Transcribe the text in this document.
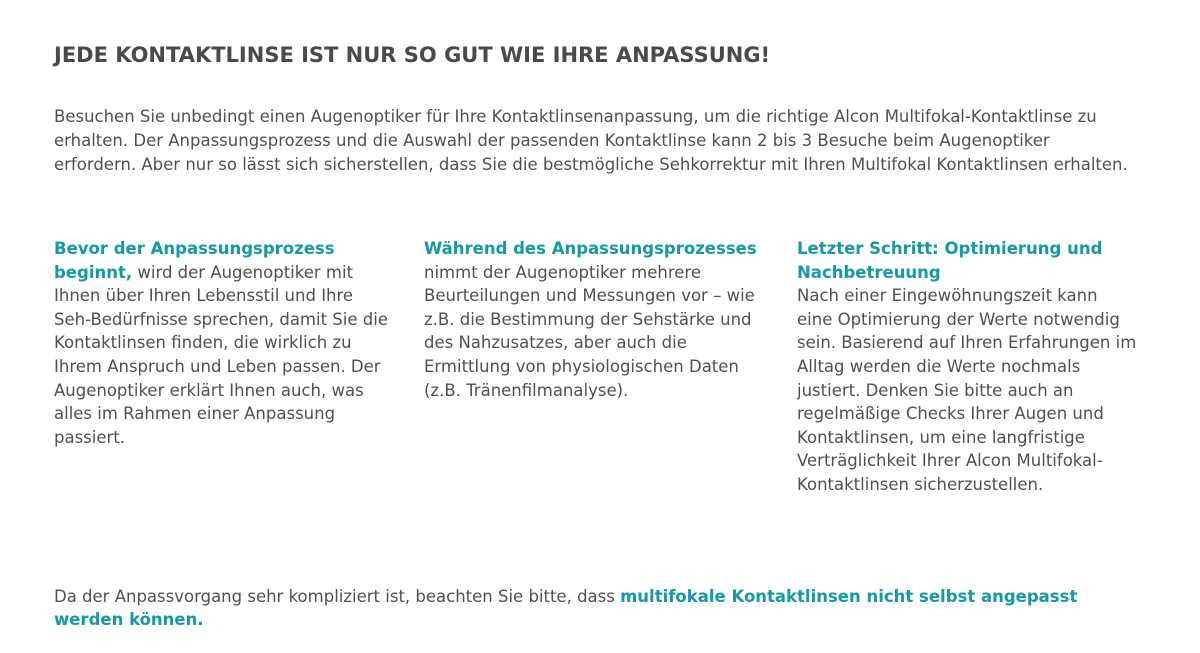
JEDE KONTAKTLINSE IST NUR SO GUT WIE IHRE ANPASSUNG!

Besuchen Sie unbedingt einen Augenoptiker für Ihre Kontaktlinsenanpassung, um die richtige Alcon Multifokal-Kontaktlinse zu erhalten. Der Anpassungsprozess und die Auswahl der passenden Kontaktlinse kann 2 bis 3 Besuche beim Augenoptiker erfordern. Aber nur so lässt sich sicherstellen, dass Sie die bestmögliche Sehkorrektur mit Ihren Multifokal Kontaktlinsen erhalten.

Bevor der Anpassungsprozess beginnt, wird der Augenoptiker mit Ihnen über Ihren Lebensstil und Ihre Seh-Bedürfnisse sprechen, damit Sie die Kontaktlinsen finden, die wirklich zu Ihrem Anspruch und Leben passen. Der Augenoptiker erklärt Ihnen auch, was alles im Rahmen einer Anpassung passiert.

Während des Anpassungsprozesses
nimmt der Augenoptiker mehrere Beurteilungen und Messungen vor – wie z.B. die Bestimmung der Sehstärke und des Nahzusatzes, aber auch die Ermittlung von physiologischen Daten (z.B. Tränenfilmanalyse).

Letzter Schritt: Optimierung und Nachbetreuung
Nach einer Eingewöhnungszeit kann eine Optimierung der Werte notwendig sein. Basierend auf Ihren Erfahrungen im Alltag werden die Werte nochmals justiert. Denken Sie bitte auch an regelmäßige Checks Ihrer Augen und Kontaktlinsen, um eine langfristige Verträglichkeit Ihrer Alcon Multifokal-Kontaktlinsen sicherzustellen.

Da der Anpassvorgang sehr kompliziert ist, beachten Sie bitte, dass multifokale Kontaktlinsen nicht selbst angepasst werden können.
